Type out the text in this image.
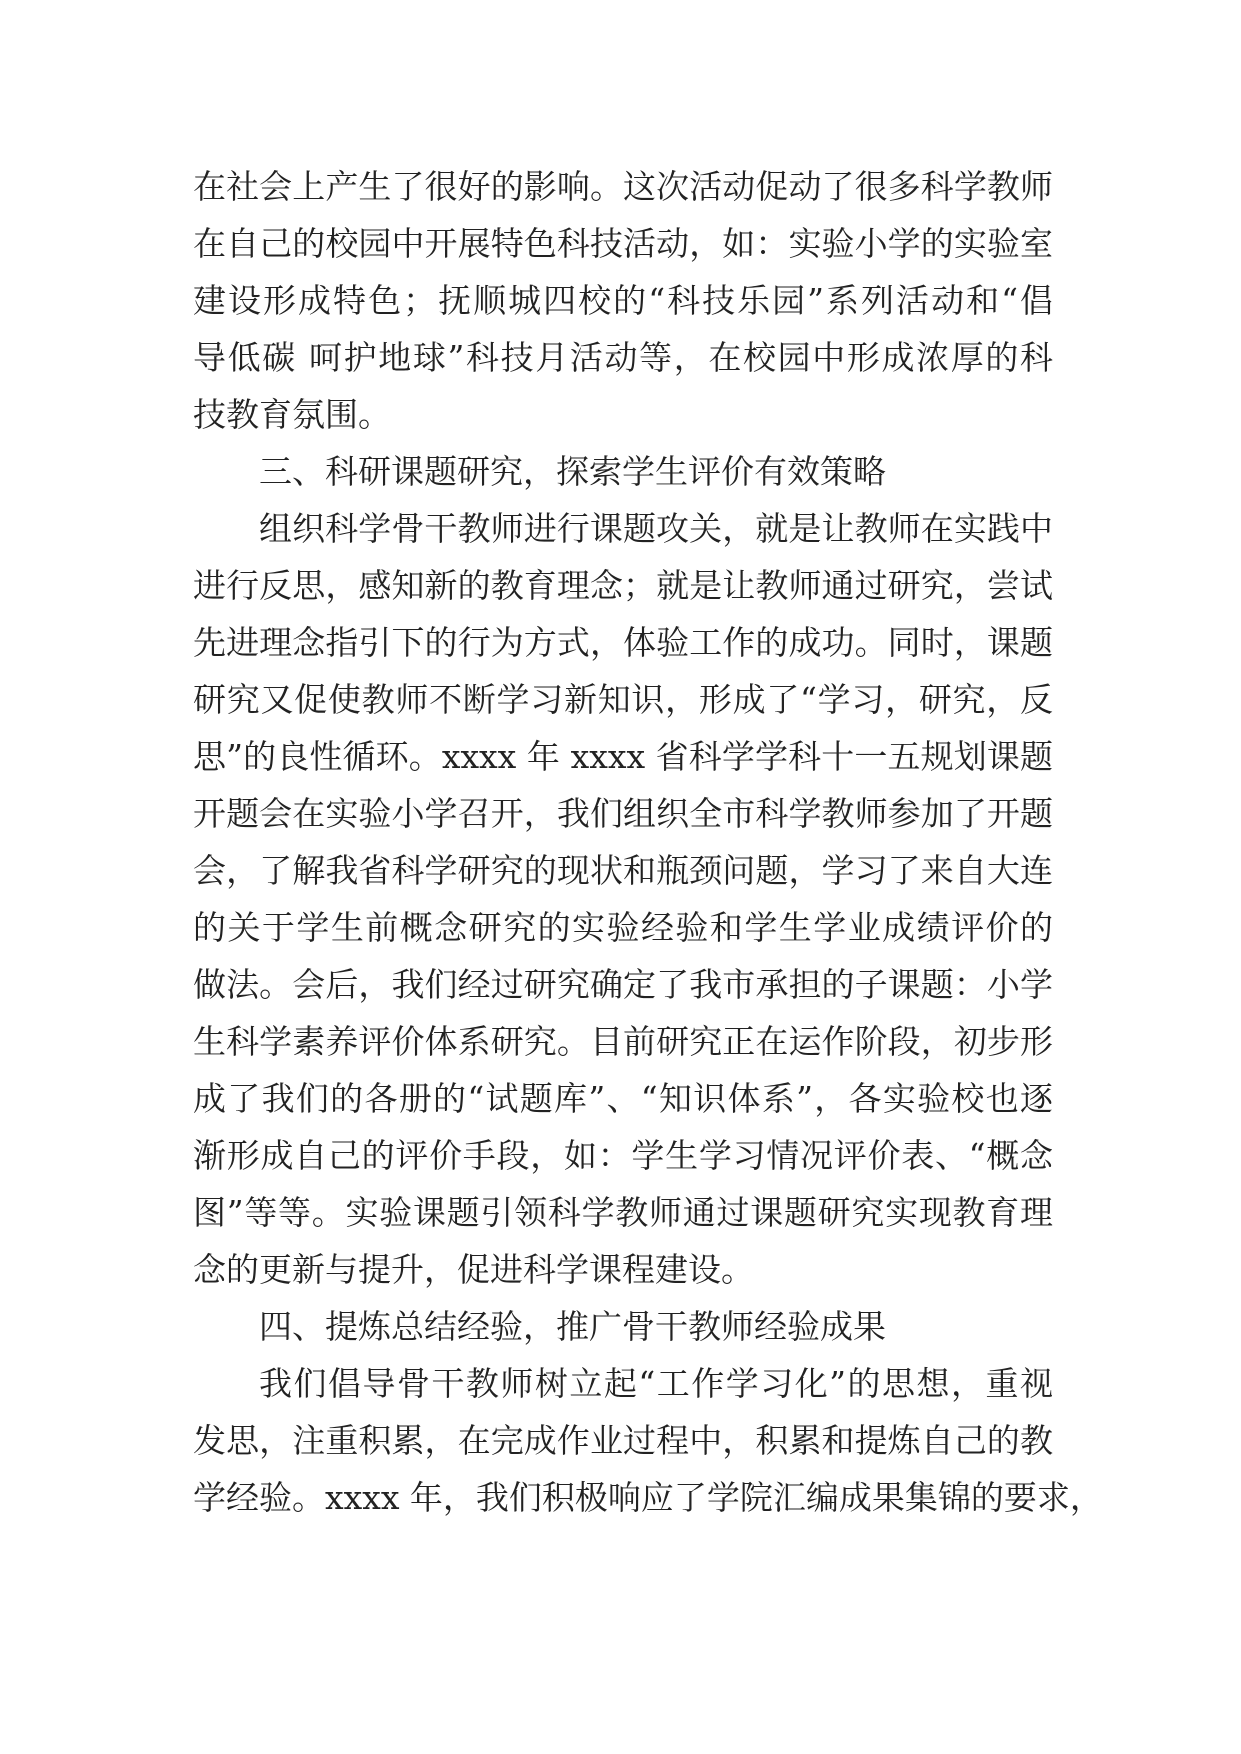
在社会上产生了很好的影响。这次活动促动了很多科学教师
在自己的校园中开展特色科技活动，如：实验小学的实验室
建设形成特色；抚顺城四校的“科技乐园”系列活动和“倡
导低碳 呵护地球”科技月活动等，在校园中形成浓厚的科
技教育氛围。
三、科研课题研究，探索学生评价有效策略
组织科学骨干教师进行课题攻关，就是让教师在实践中
进行反思，感知新的教育理念；就是让教师通过研究，尝试
先进理念指引下的行为方式，体验工作的成功。同时，课题
研究又促使教师不断学习新知识，形成了“学习，研究，反
思”的良性循环。xxxx 年 xxxx 省科学学科十一五规划课题
开题会在实验小学召开，我们组织全市科学教师参加了开题
会，了解我省科学研究的现状和瓶颈问题，学习了来自大连
的关于学生前概念研究的实验经验和学生学业成绩评价的
做法。会后，我们经过研究确定了我市承担的子课题：小学
生科学素养评价体系研究。目前研究正在运作阶段，初步形
成了我们的各册的“试题库”、“知识体系”，各实验校也逐
渐形成自己的评价手段，如：学生学习情况评价表、“概念
图”等等。实验课题引领科学教师通过课题研究实现教育理
念的更新与提升，促进科学课程建设。
四、提炼总结经验，推广骨干教师经验成果
我们倡导骨干教师树立起“工作学习化”的思想，重视
发思，注重积累，在完成作业过程中，积累和提炼自己的教
学经验。xxxx 年，我们积极响应了学院汇编成果集锦的要求，
